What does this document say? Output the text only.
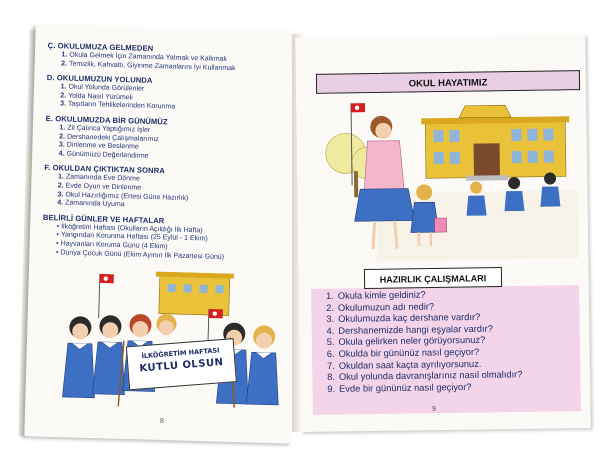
Ç. OKULUMUZA GELMEDEN
1. Okula Gelmek İçin Zamanında Yatmak ve Kalkmak
2. Temizlik, Kahvaltı, Giyinme Zamanlarını İyi Kullanmak
D. OKULUMUZUN YOLUNDA
1. Okul Yolunda Görülenler
2. Yolda Nasıl Yürümeli
3. Taşıtların Tehlikelerinden Korunma
E. OKULUMUZDA BİR GÜNÜMÜZ
1. Zil Çalınca Yaptığımız İşler
2. Dershanedeki Çalışmalarımız
3. Dinlenme ve Beslenme
4. Günümüzü Değerlendirme
F. OKULDAN ÇIKTIKTAN SONRA
1. Zamanında Eve Dönme
2. Evde Oyun ve Dinlenme
3. Okul Hazırlığımız (Ertesi Güne Hazırlık)
4. Zamanında Uyuma
BELİRLİ GÜNLER VE HAFTALAR
• İlköğretim Haftası (Okulların Açıldığı İlk Hafta)
• Yangından Korunma Haftası (25 Eylül - 1 Ekim)
• Hayvanları Koruma Günü (4 Ekim)
• Dünya Çocuk Günü (Ekim Ayının İlk Pazartesi Günü)
İLKÖĞRETİM HAFTASI
KUTLU OLSUN
8
OKUL HAYATIMIZ
HAZIRLIK ÇALIŞMALARI
1. Okula kimle geldiniz?
2. Okulumuzun adı nedir?
3. Okulumuzda kaç dershane vardır?
4. Dershanemizde hangi eşyalar vardır?
5. Okula gelirken neler görüyorsunuz?
6. Okulda bir gününüz nasıl geçiyor?
7. Okuldan saat kaçta ayrılıyorsunuz.
8. Okul yolunda davranışlarınız nasıl olmalıdır?
9. Evde bir gününüz nasıl geçiyor?
9
